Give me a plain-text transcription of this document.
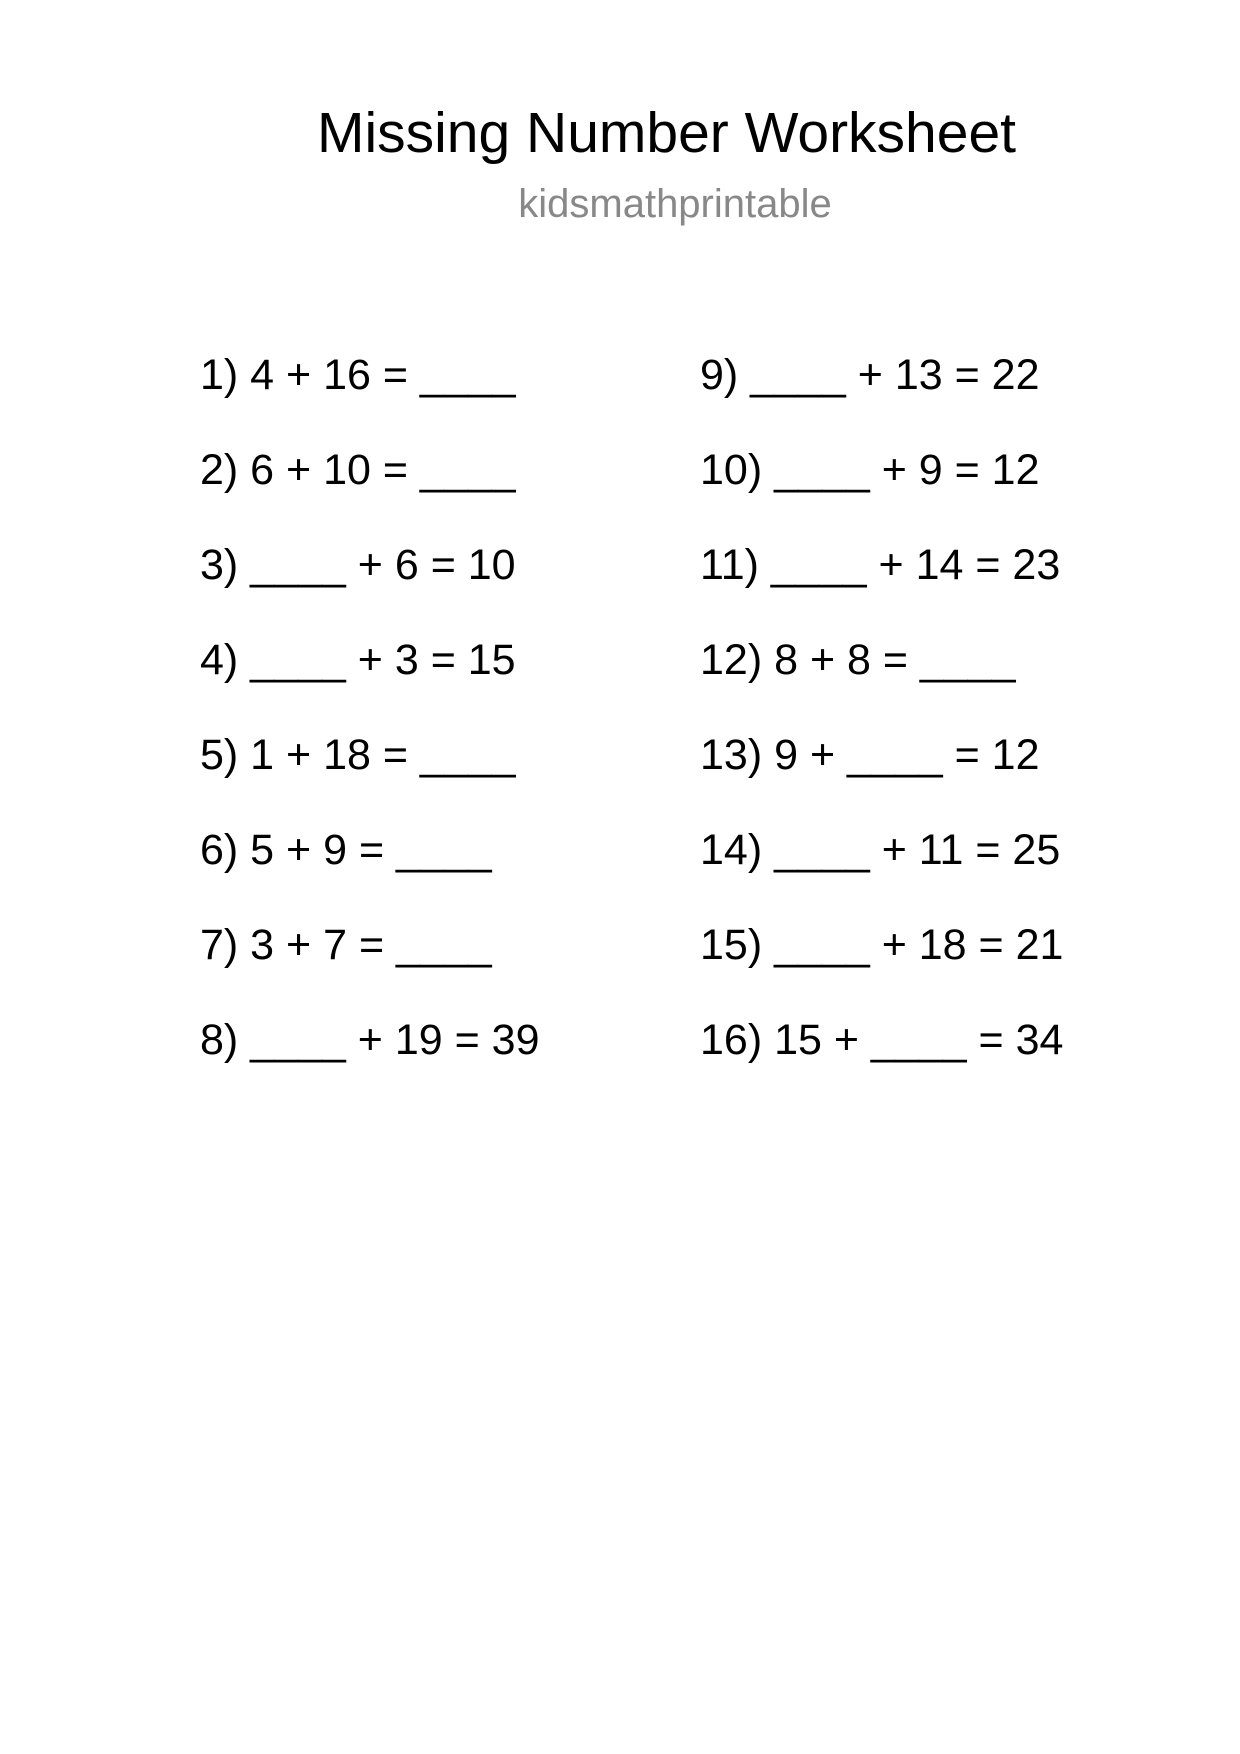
Missing Number Worksheet
kidsmathprintable
1) 4 + 16 = ____
2) 6 + 10 = ____
3) ____ + 6 = 10
4) ____ + 3 = 15
5) 1 + 18 = ____
6) 5 + 9 = ____
7) 3 + 7 = ____
8) ____ + 19 = 39
9) ____ + 13 = 22
10) ____ + 9 = 12
11) ____ + 14 = 23
12) 8 + 8 = ____
13) 9 + ____ = 12
14) ____ + 11 = 25
15) ____ + 18 = 21
16) 15 + ____ = 34
